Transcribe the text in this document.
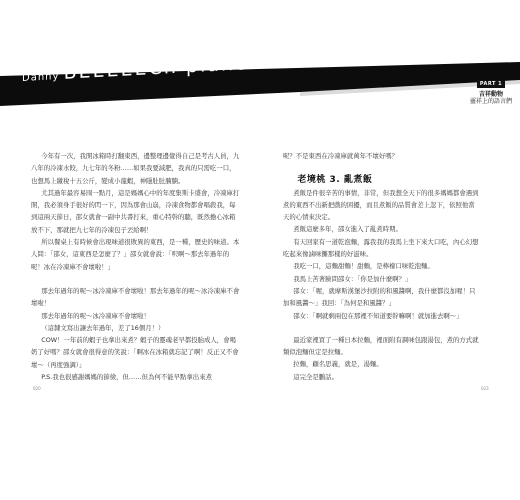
Danny BEEEEECh planet
PART 1
吉祥動物
靈祥上的語言們

今年有一次，我開冰箱時打翻東西，邊整理邊覺得自己是考古人員，九八年的冷凍水餃，九七年的冬粉……如果我要減肥，我真的只需吃一口，也想馬上繳稅十五公斤，變成小龍蝦，神隱肚肚腩腩。

尤其過年最容易囤一點月，這是媽媽心中的年度集斯卡盛會，冷凍庫打開，我必須身手很好的閃一下，因為那會山崩，冷凍食物都會唱殺我，每到這兩天節日，邵女就會一副中共書打來，重心特幹的聽，既然擔心冰箱放不下，那就把九七年的冷凍包子丟給啊！

所以餐桌上有時候會出現味道很敗異的東西，是一種，歷史的味道。本人問：「邵女，這東西是怎麼了？」邵女就會說：「呎啊～那去年過年的呢！冰在冷凍庫不會壞啦！」

那去年過年的呢～冰冷凍庫不會壞啦！那去年過年的呢～冰冷凍庫不會壞啦！

那去年過年的呢～冰冷凍庫不會壞啦！

（這隸文寫出讓去年過年，差了16個月！）

COW！一年前的蝦子也拿出來煮？蝦子的靈魂老早都投胎成人，會喝奶了好嗎？邵女就會很得意的笑說：「啊冰在冰箱就忘記了啊！反正又不會壞～（再度強調）」

P.S.我也很感謝媽媽的節儉，但……但為何不能早點拿出來煮

020

呢？不是東西在冷凍庫就萬年不壞好嗎？

老境桃 3. 亂煮飯

煮飯是件很辛苦的事情，非常，但我想全天下的很多媽媽都會遇到煮的東西不出新把戲的困擾，而且煮飯的品質會差上忽下，依照他當天的心情來決定。

煮飯這麼多年，邵女進入了亂煮時期。

有天回家有一道乾泡麵，露我我的我馬上坐下來大口吃，內心幻想吃起來像滷味攤那樣的好滋味。

我吃一口，這麵甜麵！甜麵，是檸檬口味乾泡麵。

我馬上苦著臉問邵女：「你是加什麼啊？」

邵女：「喔，就摩斯漢堡沙拉附的和風醬啊，我什麼都沒加喔！只加和風醬～」我回：「為何是和風醬？」

邵女：「啊就剩兩包在那裡不知道要幹嘛啊！就加進去啊～」

最近家裡買了一種日本拉麵，裡面附有調味包跟湯包，煮的方式就類似泡麵但定是拉麵。

拉麵，顧名思義，就是，湯麵。

這完全是鵬話。

023
